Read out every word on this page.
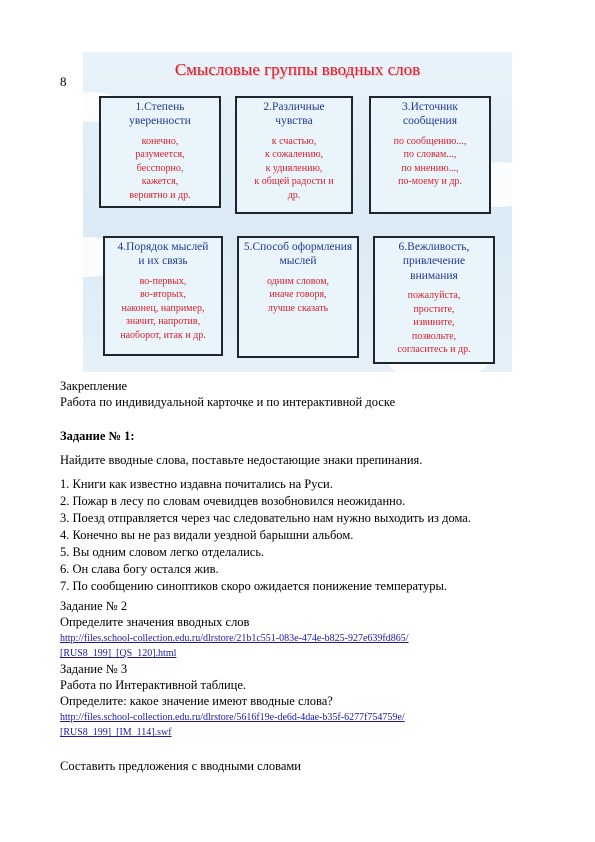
8
Смысловые группы вводных слов
1.Степень
уверенности
конечно,
разумеется,
бесспорно,
кажется,
вероятно и др.
2.Различные
чувства
к счастью,
к сожалению,
к удивлению,
к общей радости и
др.
3.Источник
сообщения
по сообщению...,
по словам...,
по мнению...,
по-моему и др.
4.Порядок мыслей
и их связь
во-первых,
во-вторых,
наконец, например,
значит, напротив,
наоборот, итак и др.
5.Способ оформления
мыслей
одним словом,
иначе говоря,
лучше сказать
6.Вежливость,
привлечение
внимания
пожалуйста,
простите,
извините,
позвольте,
согласитесь и др.
Закрепление
Работа по индивидуальной карточке и по интерактивной доске
Задание № 1:
Найдите вводные слова, поставьте недостающие знаки препинания.
1. Книги как известно издавна почитались на Руси.
2. Пожар в лесу по словам очевидцев возобновился неожиданно.
3. Поезд отправляется через час следовательно нам нужно выходить из дома.
4. Конечно вы не раз видали уездной барышни альбом.
5. Вы одним словом легко отделались.
6. Он слава богу остался жив.
7. По сообщению синоптиков скоро ожидается понижение температуры.
Задание № 2
Определите значения вводных слов
http://files.school-collection.edu.ru/dlrstore/21b1c551-083e-474e-b825-927e639fd865/
[RUS8_199]_[QS_120].html
Задание № 3
Работа по Интерактивной таблице.
Определите: какое значение имеют вводные слова?
http://files.school-collection.edu.ru/dlrstore/5616f19e-de6d-4dae-b35f-6277f754759e/
[RUS8_199]_[IM_114].swf
Составить предложения с вводными словами
